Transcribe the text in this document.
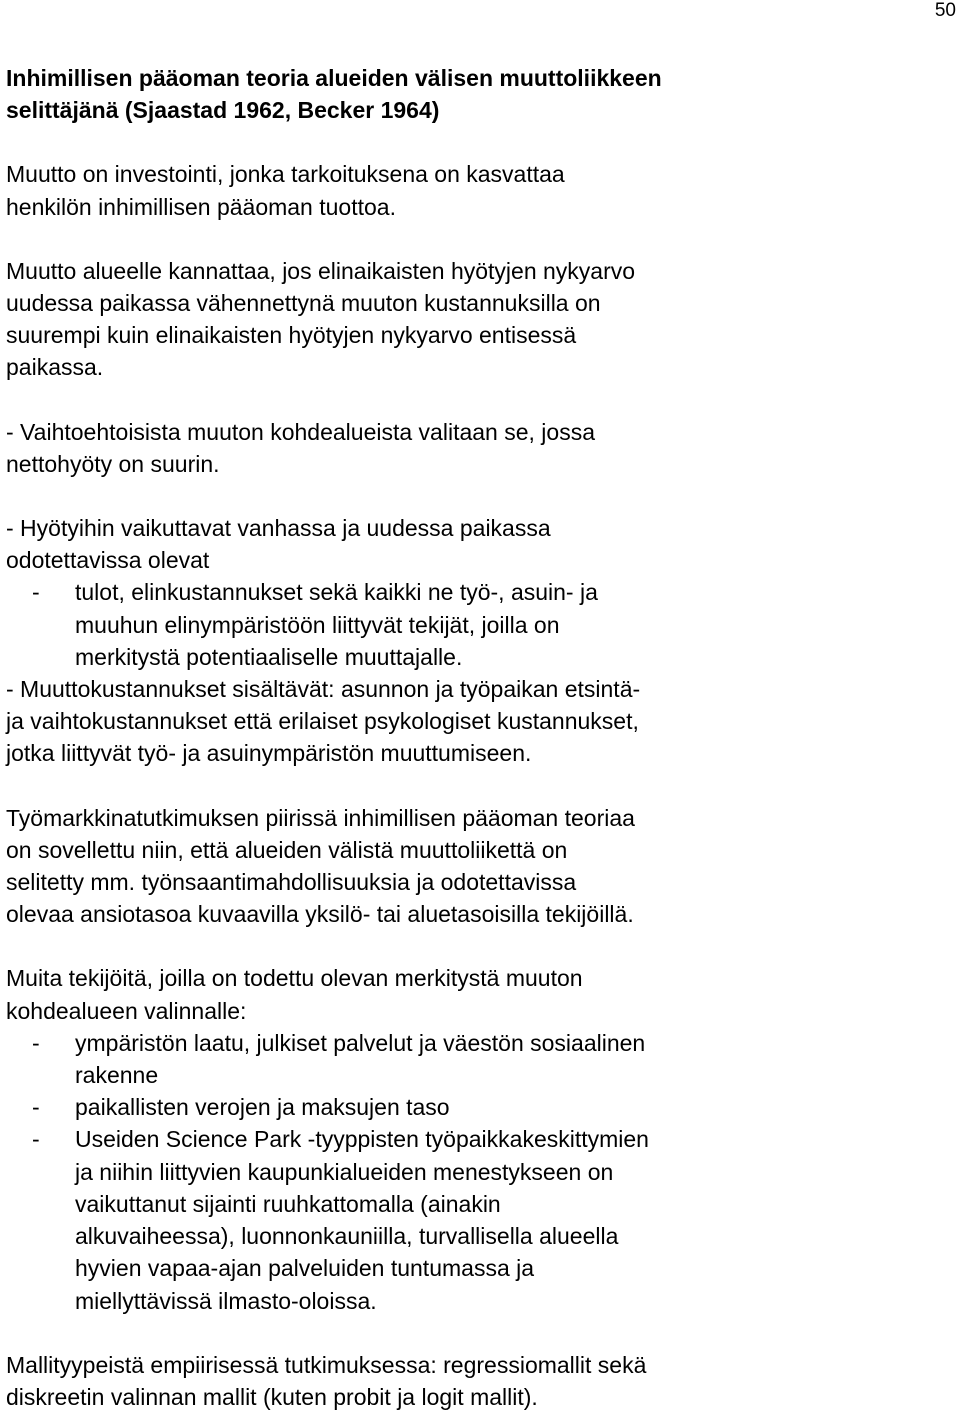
50
Inhimillisen pääoman teoria alueiden välisen muuttoliikkeen
selittäjänä (Sjaastad 1962, Becker 1964)
Muutto on investointi, jonka tarkoituksena on kasvattaa
henkilön inhimillisen pääoman tuottoa.
Muutto alueelle kannattaa, jos elinaikaisten hyötyjen nykyarvo
uudessa paikassa vähennettynä muuton kustannuksilla on
suurempi kuin elinaikaisten hyötyjen nykyarvo entisessä
paikassa.
- Vaihtoehtoisista muuton kohdealueista valitaan se, jossa
nettohyöty on suurin.
- Hyötyihin vaikuttavat vanhassa ja uudessa paikassa
odotettavissa olevat
-	tulot, elinkustannukset sekä kaikki ne työ-, asuin- ja
muuhun elinympäristöön liittyvät tekijät, joilla on
merkitystä potentiaaliselle muuttajalle.
- Muuttokustannukset sisältävät: asunnon ja työpaikan etsintä-
ja vaihtokustannukset että erilaiset psykologiset kustannukset,
jotka liittyvät työ- ja asuinympäristön muuttumiseen.
Työmarkkinatutkimuksen piirissä inhimillisen pääoman teoriaa
on sovellettu niin, että alueiden välistä muuttoliikettä on
selitetty mm. työnsaantimahdollisuuksia ja odotettavissa
olevaa ansiotasoa kuvaavilla yksilö- tai aluetasoisilla tekijöillä.
Muita tekijöitä, joilla on todettu olevan merkitystä muuton
kohdealueen valinnalle:
-	ympäristön laatu, julkiset palvelut ja väestön sosiaalinen
rakenne
-	paikallisten verojen ja maksujen taso
-	Useiden Science Park -tyyppisten työpaikkakeskittymien
ja niihin liittyvien kaupunkialueiden menestykseen on
vaikuttanut sijainti ruuhkattomalla (ainakin
alkuvaiheessa), luonnonkauniilla, turvallisella alueella
hyvien vapaa-ajan palveluiden tuntumassa ja
miellyttävissä ilmasto-oloissa.
Mallityypeistä empiirisessä tutkimuksessa: regressiomallit sekä
diskreetin valinnan mallit (kuten probit ja logit mallit).
